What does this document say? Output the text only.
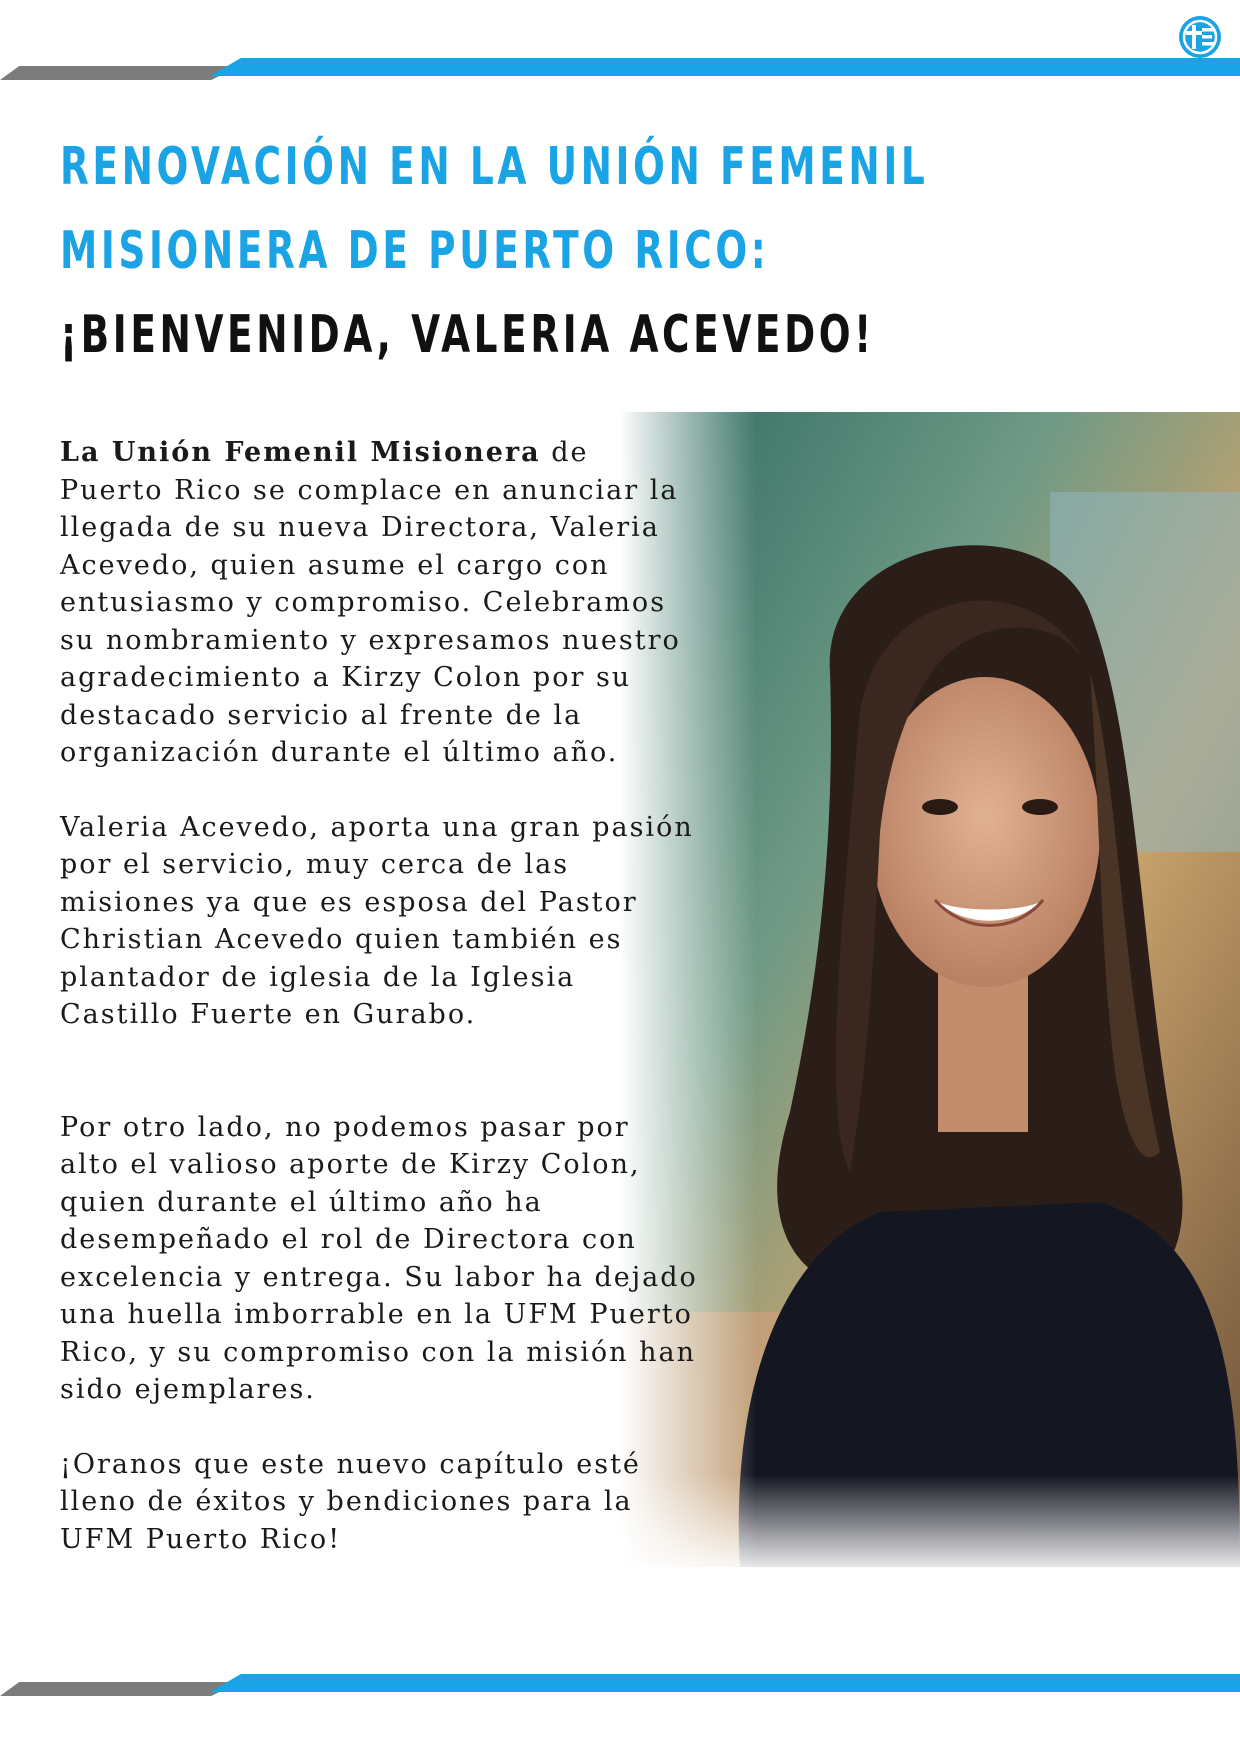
RENOVACIÓN EN LA UNIÓN FEMENIL
MISIONERA DE PUERTO RICO:
¡BIENVENIDA, VALERIA ACEVEDO!

La Unión Femenil Misionera de Puerto Rico se complace en anunciar la llegada de su nueva Directora, Valeria Acevedo, quien asume el cargo con entusiasmo y compromiso. Celebramos su nombramiento y expresamos nuestro agradecimiento a Kirzy Colon por su destacado servicio al frente de la organización durante el último año.

Valeria Acevedo, aporta una gran pasión por el servicio, muy cerca de las misiones ya que es esposa del Pastor Christian Acevedo quien también es plantador de iglesia de la Iglesia Castillo Fuerte en Gurabo.

Por otro lado, no podemos pasar por alto el valioso aporte de Kirzy Colon, quien durante el último año ha desempeñado el rol de Directora con excelencia y entrega. Su labor ha dejado una huella imborrable en la UFM Puerto Rico, y su compromiso con la misión han sido ejemplares.

¡Oranos que este nuevo capítulo esté lleno de éxitos y bendiciones para la UFM Puerto Rico!
